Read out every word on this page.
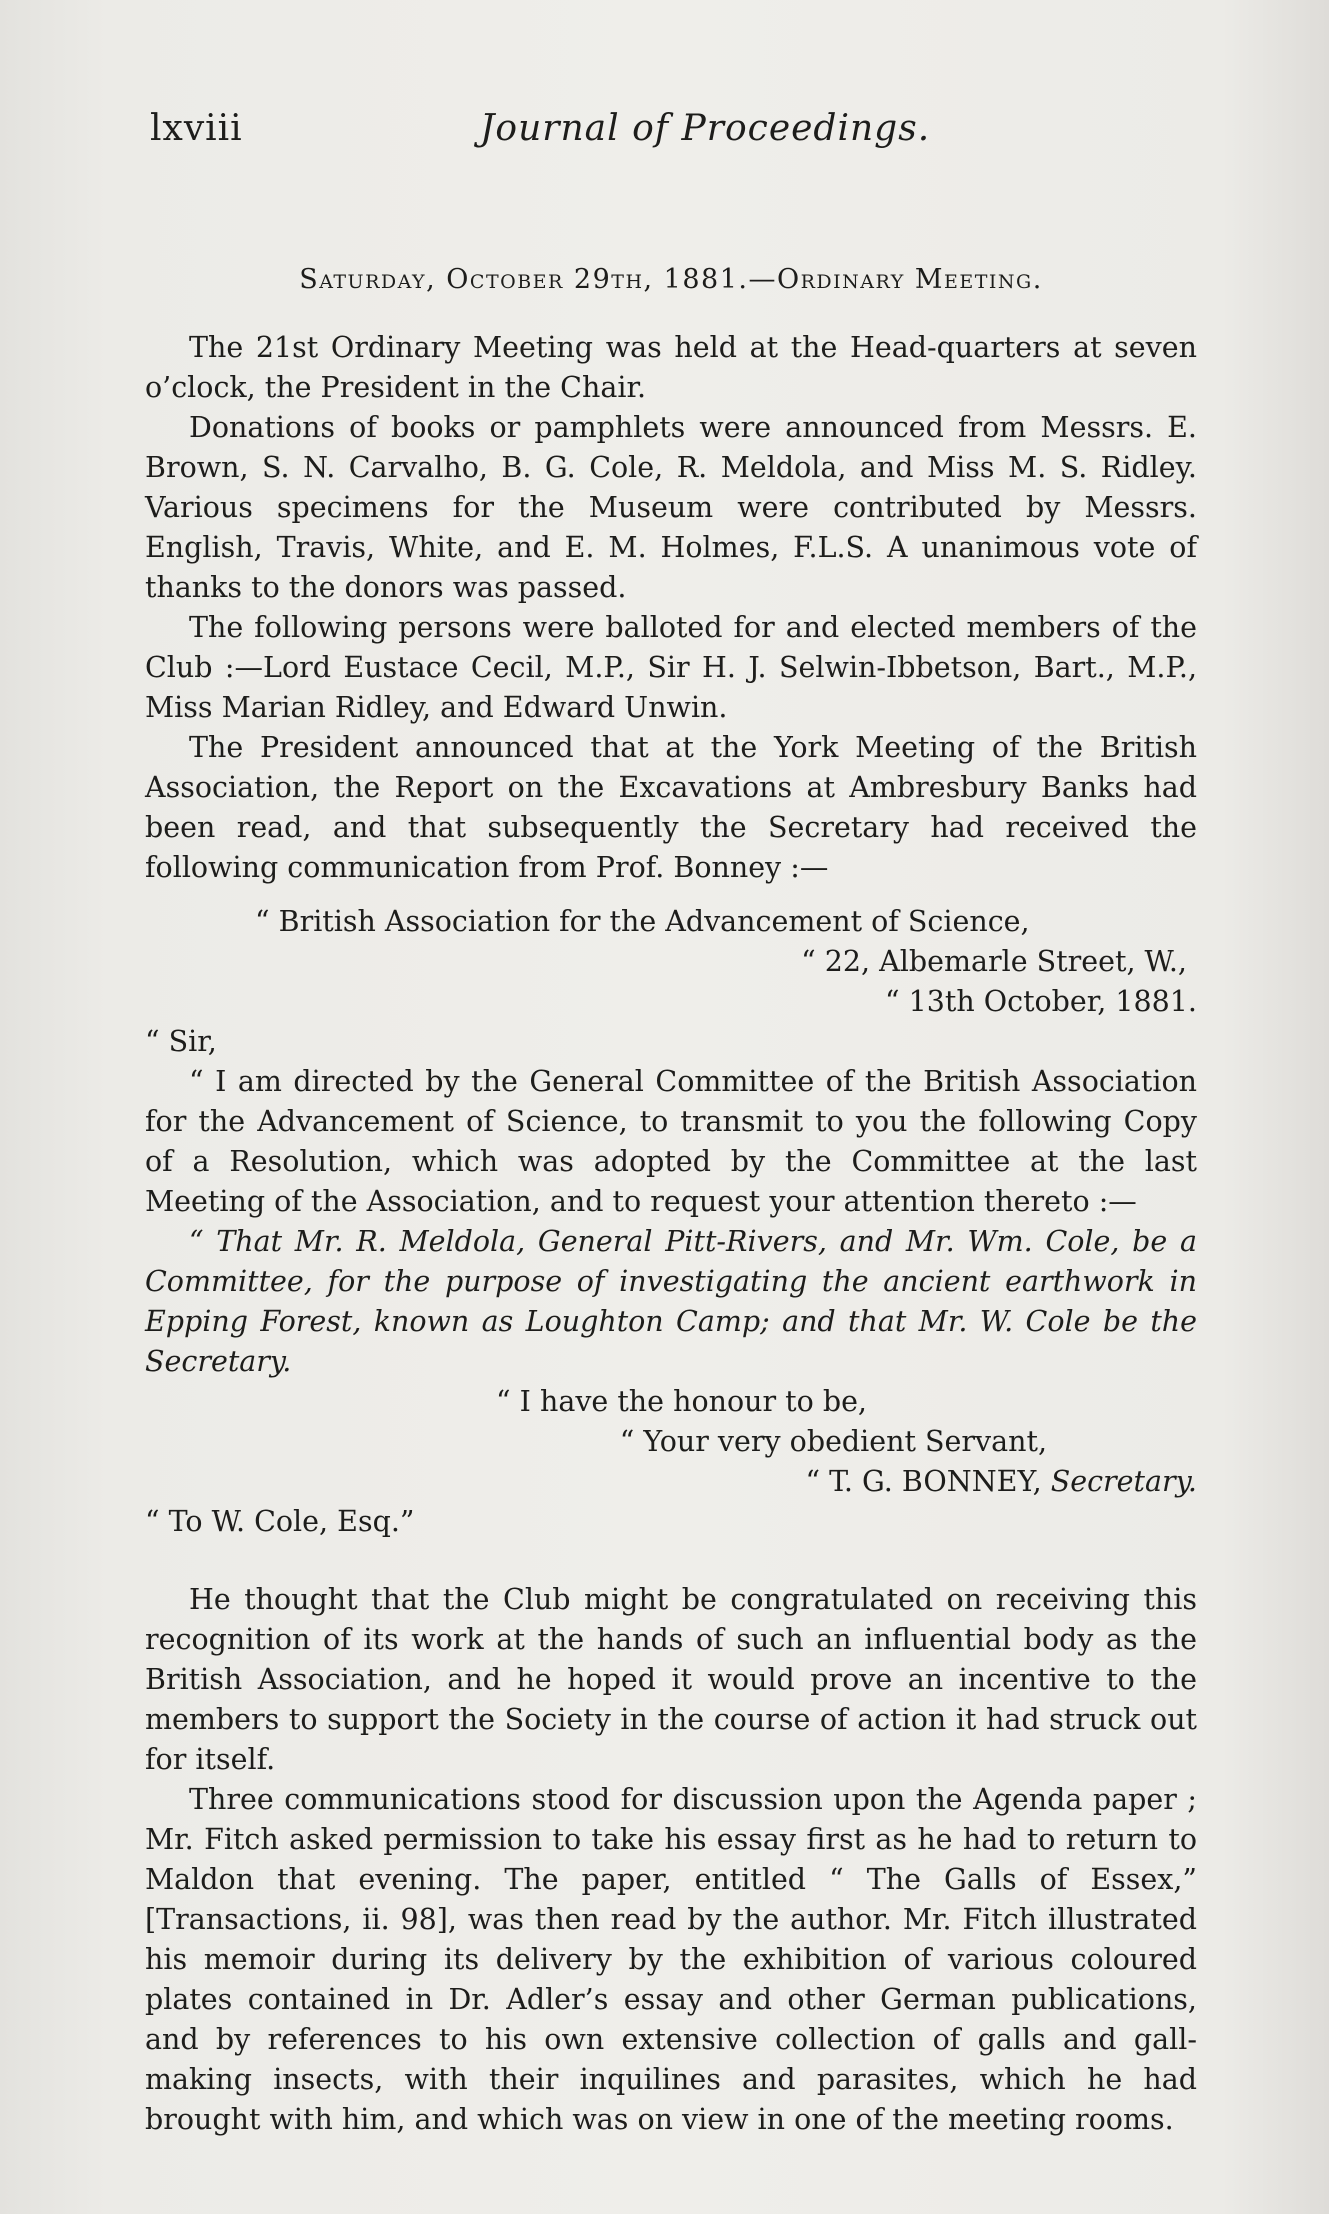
lxviii	Journal of Proceedings.
Saturday, October 29th, 1881.—Ordinary Meeting.

The 21st Ordinary Meeting was held at the Head-quarters at seven o’clock, the President in the Chair.

Donations of books or pamphlets were announced from Messrs. E. Brown, S. N. Carvalho, B. G. Cole, R. Meldola, and Miss M. S. Ridley. Various specimens for the Museum were contributed by Messrs. English, Travis, White, and E. M. Holmes, F.L.S. A unanimous vote of thanks to the donors was passed.

The following persons were balloted for and elected members of the Club :—Lord Eustace Cecil, M.P., Sir H. J. Selwin-Ibbetson, Bart., M.P., Miss Marian Ridley, and Edward Unwin.

The President announced that at the York Meeting of the British Association, the Report on the Excavations at Ambresbury Banks had been read, and that subsequently the Secretary had received the following communication from Prof. Bonney :—

“ British Association for the Advancement of Science,
“ 22, Albemarle Street, W.,
“ 13th October, 1881.
“ Sir,

“ I am directed by the General Committee of the British Association for the Advancement of Science, to transmit to you the following Copy of a Resolution, which was adopted by the Committee at the last Meeting of the Association, and to request your attention thereto :—

“ That Mr. R. Meldola, General Pitt-Rivers, and Mr. Wm. Cole, be a Committee, for the purpose of investigating the ancient earthwork in Epping Forest, known as Loughton Camp; and that Mr. W. Cole be the Secretary.

“ I have the honour to be,
“ Your very obedient Servant,
“ T. G. BONNEY, Secretary.
“ To W. Cole, Esq.”

He thought that the Club might be congratulated on receiving this recognition of its work at the hands of such an influential body as the British Association, and he hoped it would prove an incentive to the members to support the Society in the course of action it had struck out for itself.

Three communications stood for discussion upon the Agenda paper ; Mr. Fitch asked permission to take his essay first as he had to return to Maldon that evening. The paper, entitled “ The Galls of Essex,” [Transactions, ii. 98], was then read by the author. Mr. Fitch illustrated his memoir during its delivery by the exhibition of various coloured plates contained in Dr. Adler’s essay and other German publications, and by references to his own extensive collection of galls and gall-making insects, with their inquilines and parasites, which he had brought with him, and which was on view in one of the meeting rooms.
